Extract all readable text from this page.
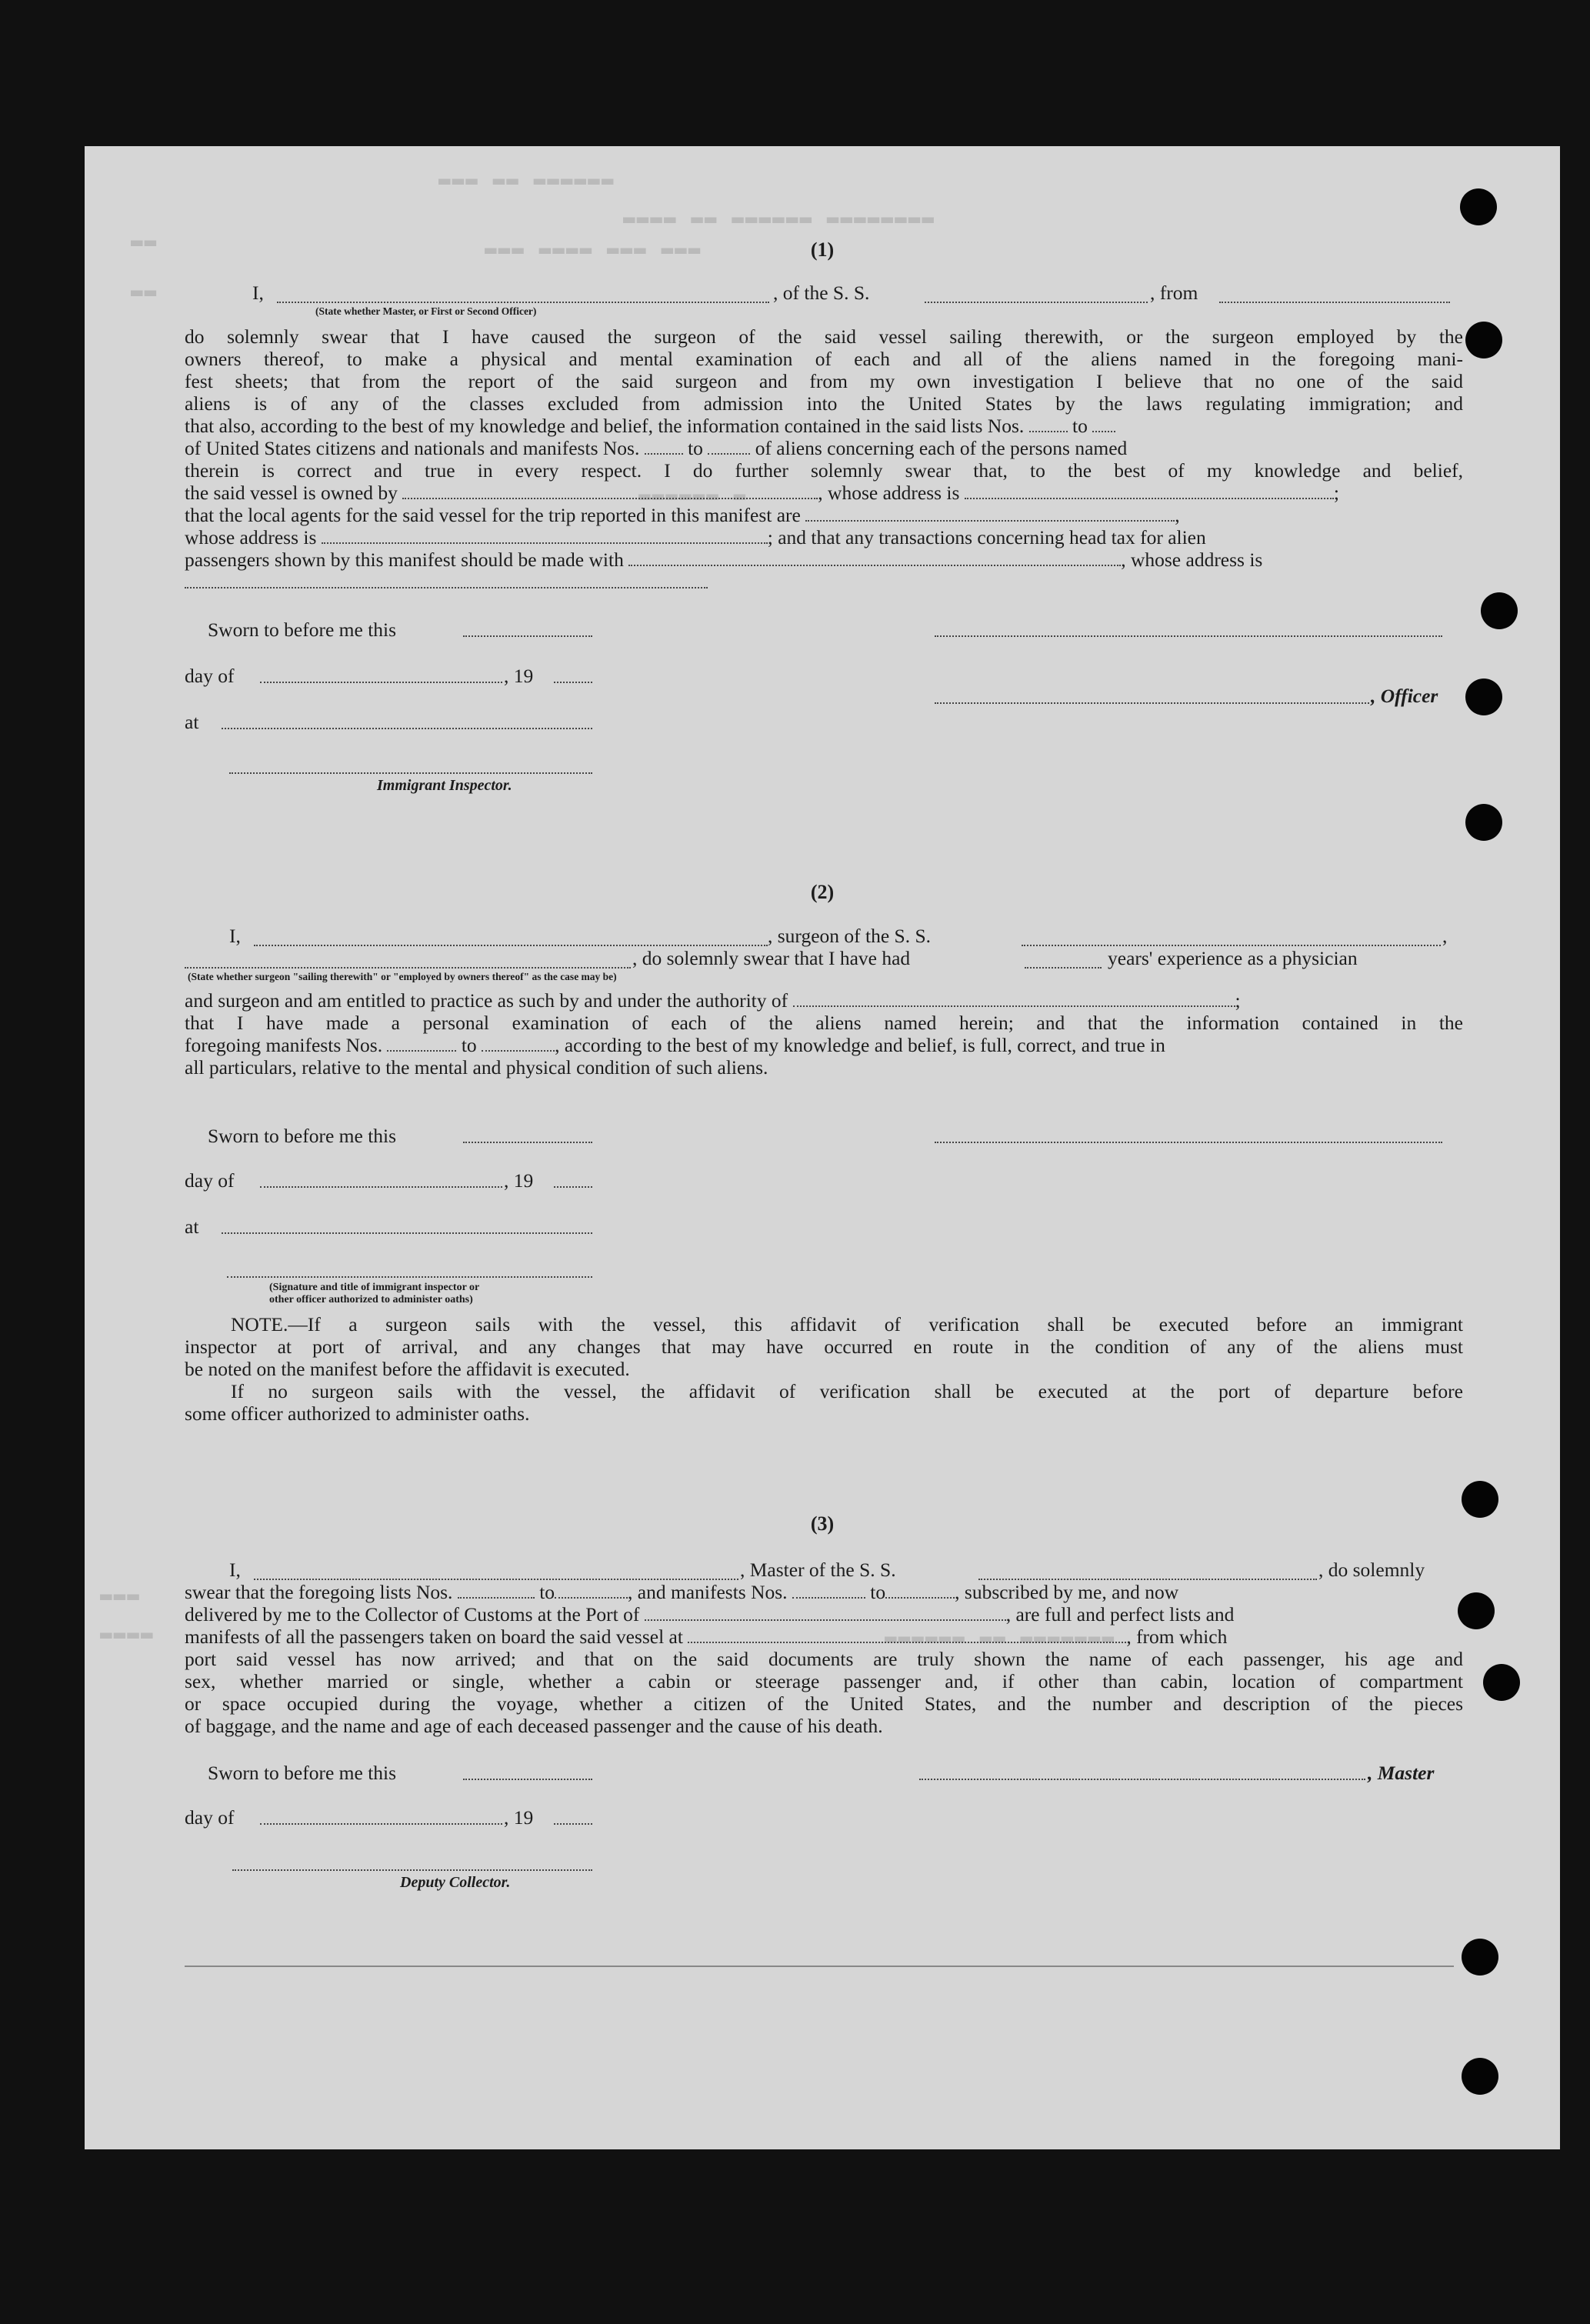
▬▬▬ ▬▬ ▬▬▬▬▬▬
▬▬▬▬ ▬▬ ▬▬▬▬▬▬ ▬▬▬▬▬▬▬▬
▬▬▬ ▬▬▬▬ ▬▬▬ ▬▬▬
▬▬
▬▬
▬▬▬▬▬▬ ▬
▬▬▬
▬▬▬▬	▬▬▬▬▬▬ ▬▬ ▬▬▬▬▬▬▬
(1)
I,	, of the S. S.	, from
(State whether Master, or First or Second Officer)
do solemnly swear that I have caused the surgeon of the said vessel sailing therewith, or the surgeon employed by the
owners thereof, to make a physical and mental examination of each and all of the aliens named in the foregoing mani-
fest sheets; that from the report of the said surgeon and from my own investigation I believe that no one of the said
aliens is of any of the classes excluded from admission into the United States by the laws regulating immigration; and
that also, according to the best of my knowledge and belief, the information contained in the said lists Nos. to
of United States citizens and nationals and manifests Nos. to	of aliens concerning each of the persons named
therein is correct and true in every respect. I do further solemnly swear that, to the best of my knowledge and belief,
the said vessel is owned by	, whose address is	;
that the local agents for the said vessel for the trip reported in this manifest are	,
whose address is	; and that any transactions concerning head tax for alien
passengers shown by this manifest should be made with	, whose address is
Sworn to before me this
day of	, 19
, Officer
at
Immigrant Inspector.
(2)
I,	, surgeon of the S. S.	,
, do solemnly swear that I have had	years' experience as a physician
(State whether surgeon "sailing therewith" or "employed by owners thereof" as the case may be)
and surgeon and am entitled to practice as such by and under the authority of	;
that I have made a personal examination of each of the aliens named herein; and that the information contained in the
foregoing manifests Nos.	to	, according to the best of my knowledge and belief, is full, correct, and true in
all particulars, relative to the mental and physical condition of such aliens.
Sworn to before me this
day of	, 19
at
(Signature and title of immigrant inspector or
other officer authorized to administer oaths)
NOTE.—If a surgeon sails with the vessel, this affidavit of verification shall be executed before an immigrant
inspector at port of arrival, and any changes that may have occurred en route in the condition of any of the aliens must
be noted on the manifest before the affidavit is executed.
If no surgeon sails with the vessel, the affidavit of verification shall be executed at the port of departure before
some officer authorized to administer oaths.
(3)
I,	, Master of the S. S.	, do solemnly
swear that the foregoing lists Nos.	to	, and manifests Nos.	to	, subscribed by me, and now
delivered by me to the Collector of Customs at the Port of	, are full and perfect lists and
manifests of all the passengers taken on board the said vessel at	, from which
port said vessel has now arrived; and that on the said documents are truly shown the name of each passenger, his age and
sex, whether married or single, whether a cabin or steerage passenger and, if other than cabin, location of compartment
or space occupied during the voyage, whether a citizen of the United States, and the number and description of the pieces
of baggage, and the name and age of each deceased passenger and the cause of his death.
Sworn to before me this	, Master
day of	, 19
Deputy Collector.
